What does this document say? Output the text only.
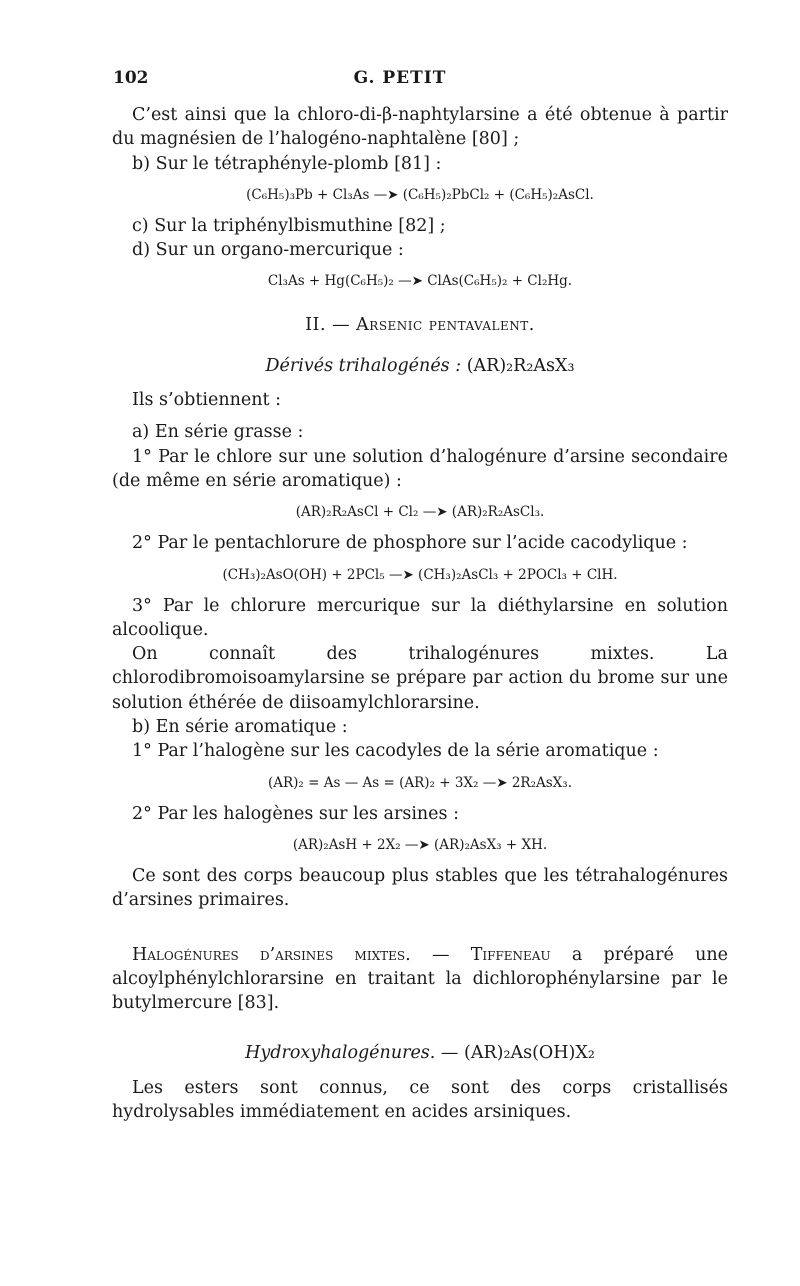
102	G. PETIT

C’est ainsi que la chloro-di-β-naphtylarsine a été obtenue à partir du magnésien de l’halogéno-naphtalène [80] ;

b) Sur le tétraphényle-plomb [81] :

(C₆H₅)₃Pb + Cl₃As —➤ (C₆H₅)₂PbCl₂ + (C₆H₅)₂AsCl.

c) Sur la triphénylbismuthine [82] ;

d) Sur un organo-mercurique :

Cl₃As + Hg(C₆H₅)₂ —➤ ClAs(C₆H₅)₂ + Cl₂Hg.
II. — Arsenic pentavalent.
Dérivés trihalogénés : (AR)₂R₂AsX₃

Ils s’obtiennent :

a) En série grasse :

1° Par le chlore sur une solution d’halogénure d’arsine secondaire (de même en série aromatique) :

(AR)₂R₂AsCl + Cl₂ —➤ (AR)₂R₂AsCl₃.

2° Par le pentachlorure de phosphore sur l’acide cacodylique :

(CH₃)₂AsO(OH) + 2PCl₅ —➤ (CH₃)₂AsCl₃ + 2POCl₃ + ClH.

3° Par le chlorure mercurique sur la diéthylarsine en solution alcoolique.

On connaît des trihalogénures mixtes. La chlorodibromoisoamylarsine se prépare par action du brome sur une solution éthérée de diisoamylchlorarsine.

b) En série aromatique :

1° Par l’halogène sur les cacodyles de la série aromatique :

(AR)₂ = As — As = (AR)₂ + 3X₂ —➤ 2R₂AsX₃.

2° Par les halogènes sur les arsines :

(AR)₂AsH + 2X₂ —➤ (AR)₂AsX₃ + XH.

Ce sont des corps beaucoup plus stables que les tétrahalogénures d’arsines primaires.

Halogénures d’arsines mixtes. — Tiffeneau a préparé une alcoylphénylchlorarsine en traitant la dichlorophénylarsine par le butylmercure [83].

Hydroxyhalogénures. — (AR)₂As(OH)X₂

Les esters sont connus, ce sont des corps cristallisés hydrolysables immédiatement en acides arsiniques.
